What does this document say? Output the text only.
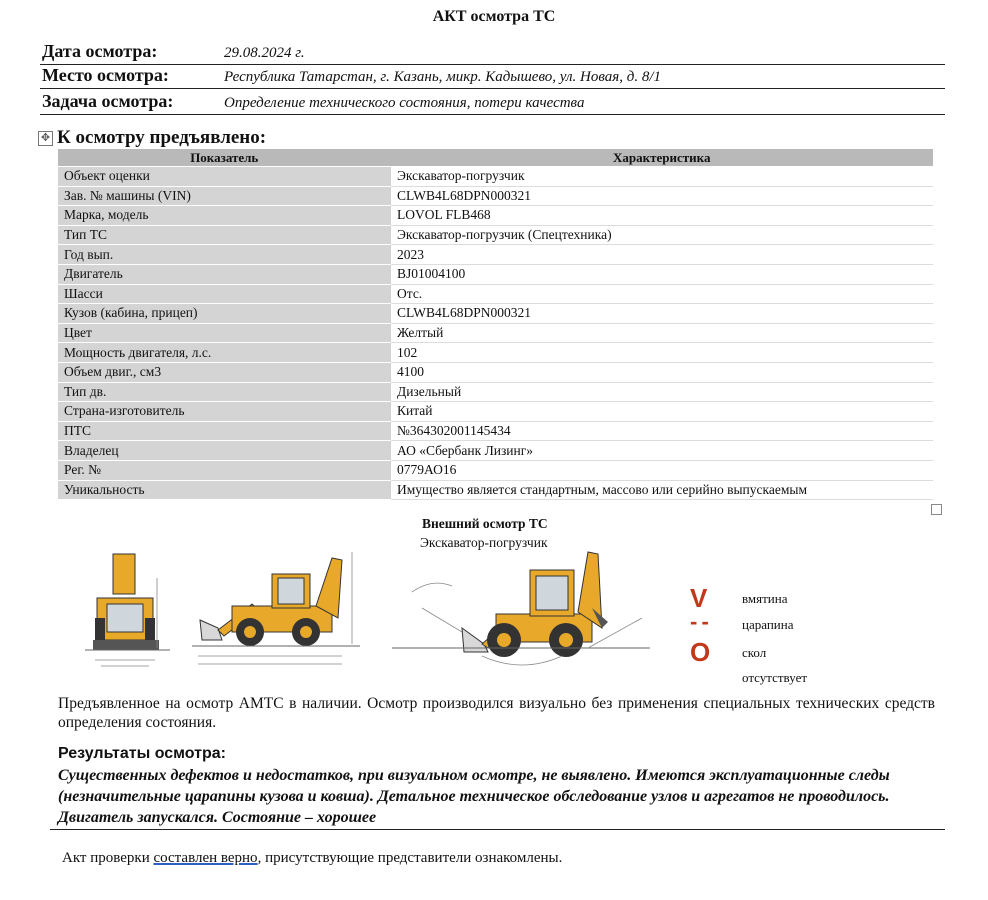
АКТ осмотра ТС
Дата осмотра:	29.08.2024 г.
Место осмотра:	Республика Татарстан, г. Казань, микр. Кадышево, ул. Новая, д. 8/1
Задача осмотра:	Определение технического состояния, потери качества
✥ К осмотру предъявлено:
Показатель	Характеристика
Объект оценки	Экскаватор-погрузчик
Зав. № машины (VIN)	CLWB4L68DPN000321
Марка, модель	LOVOL FLB468
Тип ТС	Экскаватор-погрузчик (Спецтехника)
Год вып.	2023
Двигатель	BJ01004100
Шасси	Отс.
Кузов (кабина, прицеп)	CLWB4L68DPN000321
Цвет	Желтый
Мощность двигателя, л.с.	102
Объем двиг., см3	4100
Тип дв.	Дизельный
Страна-изготовитель	Китай
ПТС	№364302001145434
Владелец	АО «Сбербанк Лизинг»
Рег. №	0779АО16
Уникальность	Имущество является стандартным, массово или серийно выпускаемым
Внешний осмотр ТС
Экскаватор-погрузчик
V	вмятина
- -	царапина
O скол
отсутствует
Предъявленное на осмотр АМТС в наличии. Осмотр производился визуально без применения специальных технических средств определения состояния.
Результаты осмотра:
Существенных дефектов и недостатков, при визуальном осмотре, не выявлено. Имеются эксплуатационные следы (незначительные царапины кузова и ковша). Детальное техническое обследование узлов и агрегатов не проводилось. Двигатель запускался. Состояние – хорошее
Акт проверки составлен верно, присутствующие представители ознакомлены.
